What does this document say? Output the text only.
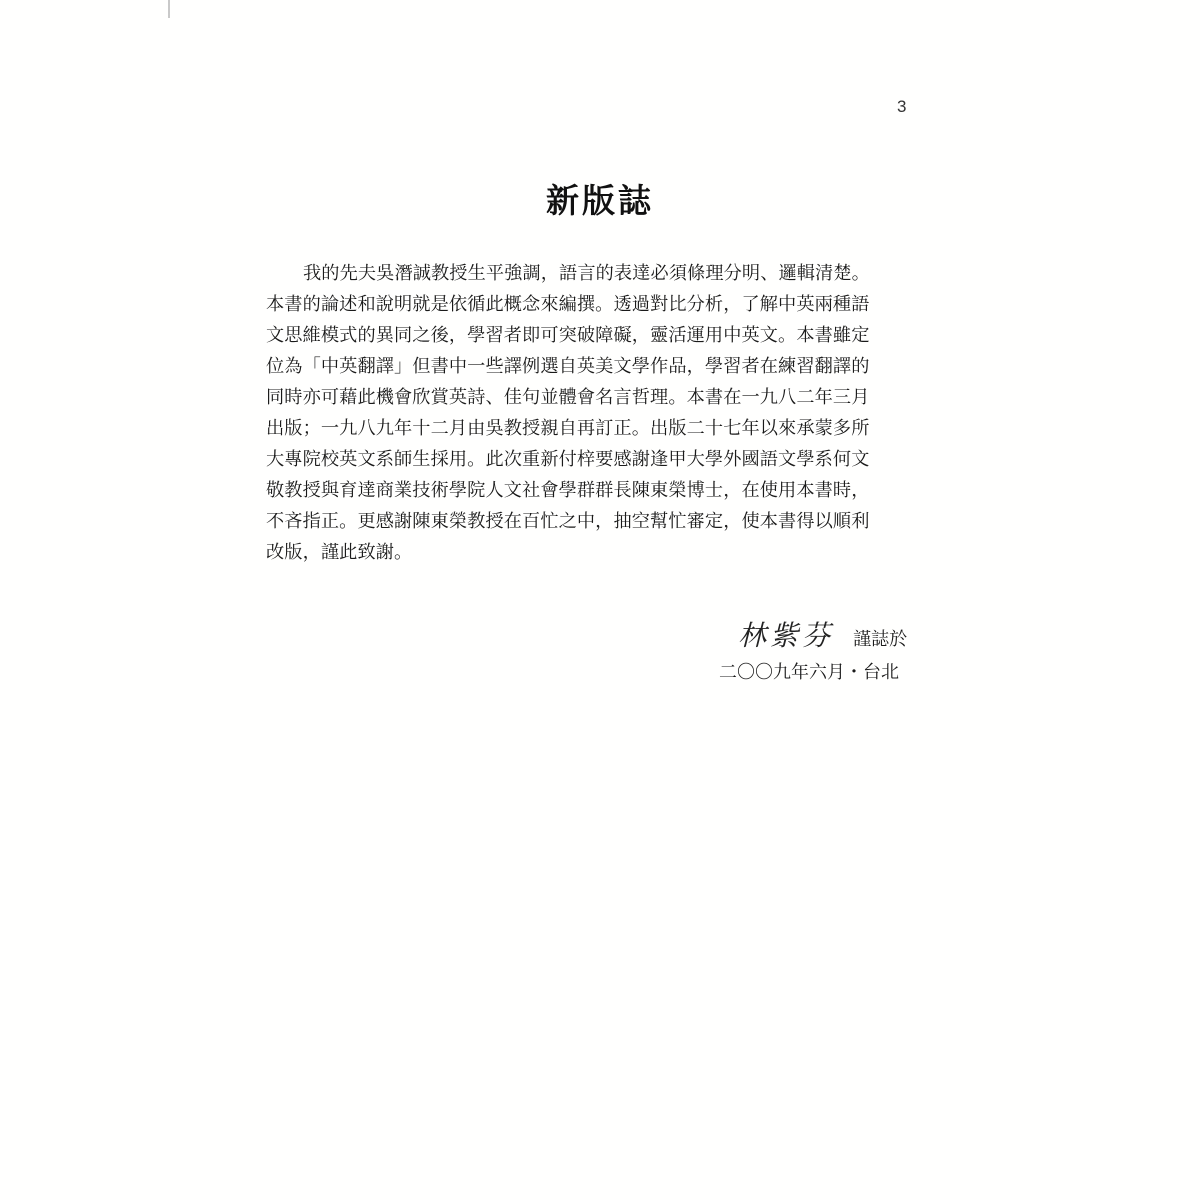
3
新版誌
我的先夫吳潛誠教授生平強調，語言的表達必須條理分明、邏輯清楚。
本書的論述和說明就是依循此概念來編撰。透過對比分析，了解中英兩種語
文思維模式的異同之後，學習者即可突破障礙，靈活運用中英文。本書雖定
位為「中英翻譯」但書中一些譯例選自英美文學作品，學習者在練習翻譯的
同時亦可藉此機會欣賞英詩、佳句並體會名言哲理。本書在一九八二年三月
出版；一九八九年十二月由吳教授親自再訂正。出版二十七年以來承蒙多所
大專院校英文系師生採用。此次重新付梓要感謝逢甲大學外國語文學系何文
敬教授與育達商業技術學院人文社會學群群長陳東榮博士，在使用本書時，
不吝指正。更感謝陳東榮教授在百忙之中，抽空幫忙審定，使本書得以順利
改版，謹此致謝。
林紫芬 謹誌於
二〇〇九年六月・台北
